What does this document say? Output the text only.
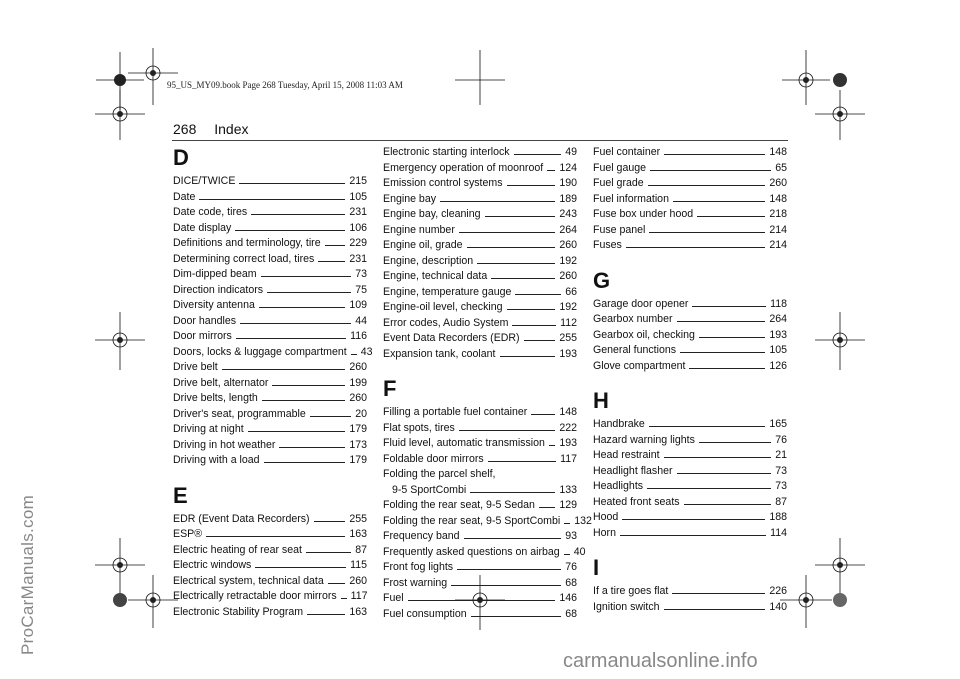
95_US_MY09.book Page 268 Tuesday, April 15, 2008 11:03 AM
268 Index
D
DICE/TWICE	215
Date	105
Date code, tires	231
Date display	106
Definitions and terminology, tire	229
Determining correct load, tires	231
Dim-dipped beam	73
Direction indicators	75
Diversity antenna	109
Door handles	44
Door mirrors	116
Doors, locks & luggage compartment 43
Drive belt	260
Drive belt, alternator	199
Drive belts, length	260
Driver's seat, programmable	20
Driving at night	179
Driving in hot weather	173
Driving with a load	179
E
EDR (Event Data Recorders)	255
ESP®	163
Electric heating of rear seat	87
Electric windows	115
Electrical system, technical data 260
Electrically retractable door mirrors 117
Electronic Stability Program	163
Electronic starting interlock	49
Emergency operation of moonroof 124
Emission control systems	190
Engine bay	189
Engine bay, cleaning	243
Engine number	264
Engine oil, grade	260
Engine, description	192
Engine, technical data	260
Engine, temperature gauge	66
Engine-oil level, checking	192
Error codes, Audio System	112
Event Data Recorders (EDR)	255
Expansion tank, coolant	193
F
Filling a portable fuel container	148
Flat spots, tires	222
Fluid level, automatic transmission 193
Foldable door mirrors	117
Folding the parcel shelf,
9-5 SportCombi	133
Folding the rear seat, 9-5 Sedan 129
Folding the rear seat, 9-5 SportCombi 132
Frequency band	93
Frequently asked questions on airbag 40
Front fog lights	76
Frost warning	68
Fuel	146
Fuel consumption	68
Fuel container	148
Fuel gauge	65
Fuel grade	260
Fuel information	148
Fuse box under hood	218
Fuse panel	214
Fuses	214
G
Garage door opener	118
Gearbox number	264
Gearbox oil, checking	193
General functions	105
Glove compartment	126
H
Handbrake	165
Hazard warning lights	76
Head restraint	21
Headlight flasher	73
Headlights	73
Heated front seats	87
Hood	188
Horn	114
I
If a tire goes flat	226
Ignition switch	140
ProCarManuals.com
carmanualsonline.info
